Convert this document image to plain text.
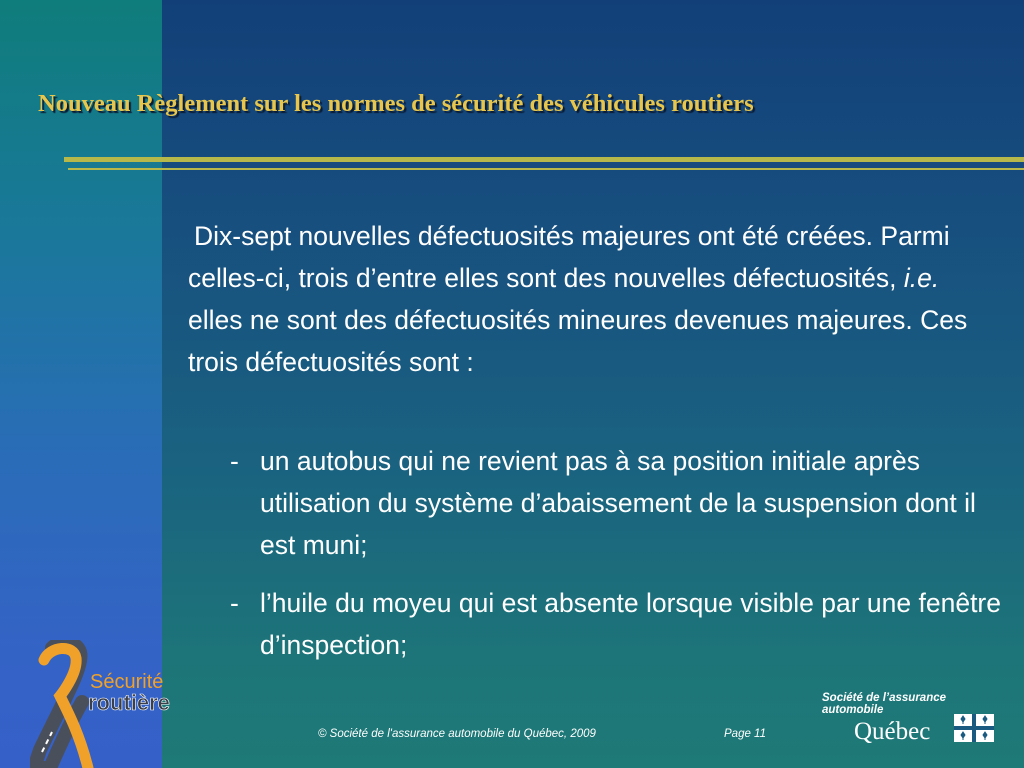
Nouveau Règlement sur les normes de sécurité des véhicules routiers

Dix-sept nouvelles défectuosités majeures ont été créées. Parmi celles-ci, trois d’entre elles sont des nouvelles défectuosités, i.e. elles ne sont des défectuosités mineures devenues majeures. Ces trois défectuosités sont :

- un autobus qui ne revient pas à sa position initiale après utilisation du système d’abaissement de la suspension dont il est muni;
- l’huile du moyeu qui est absente lorsque visible par une fenêtre d’inspection;
Sécurité
routière	Société de l’assurance
automobile
Québec
© Société de l'assurance automobile du Québec, 2009	Page 11
